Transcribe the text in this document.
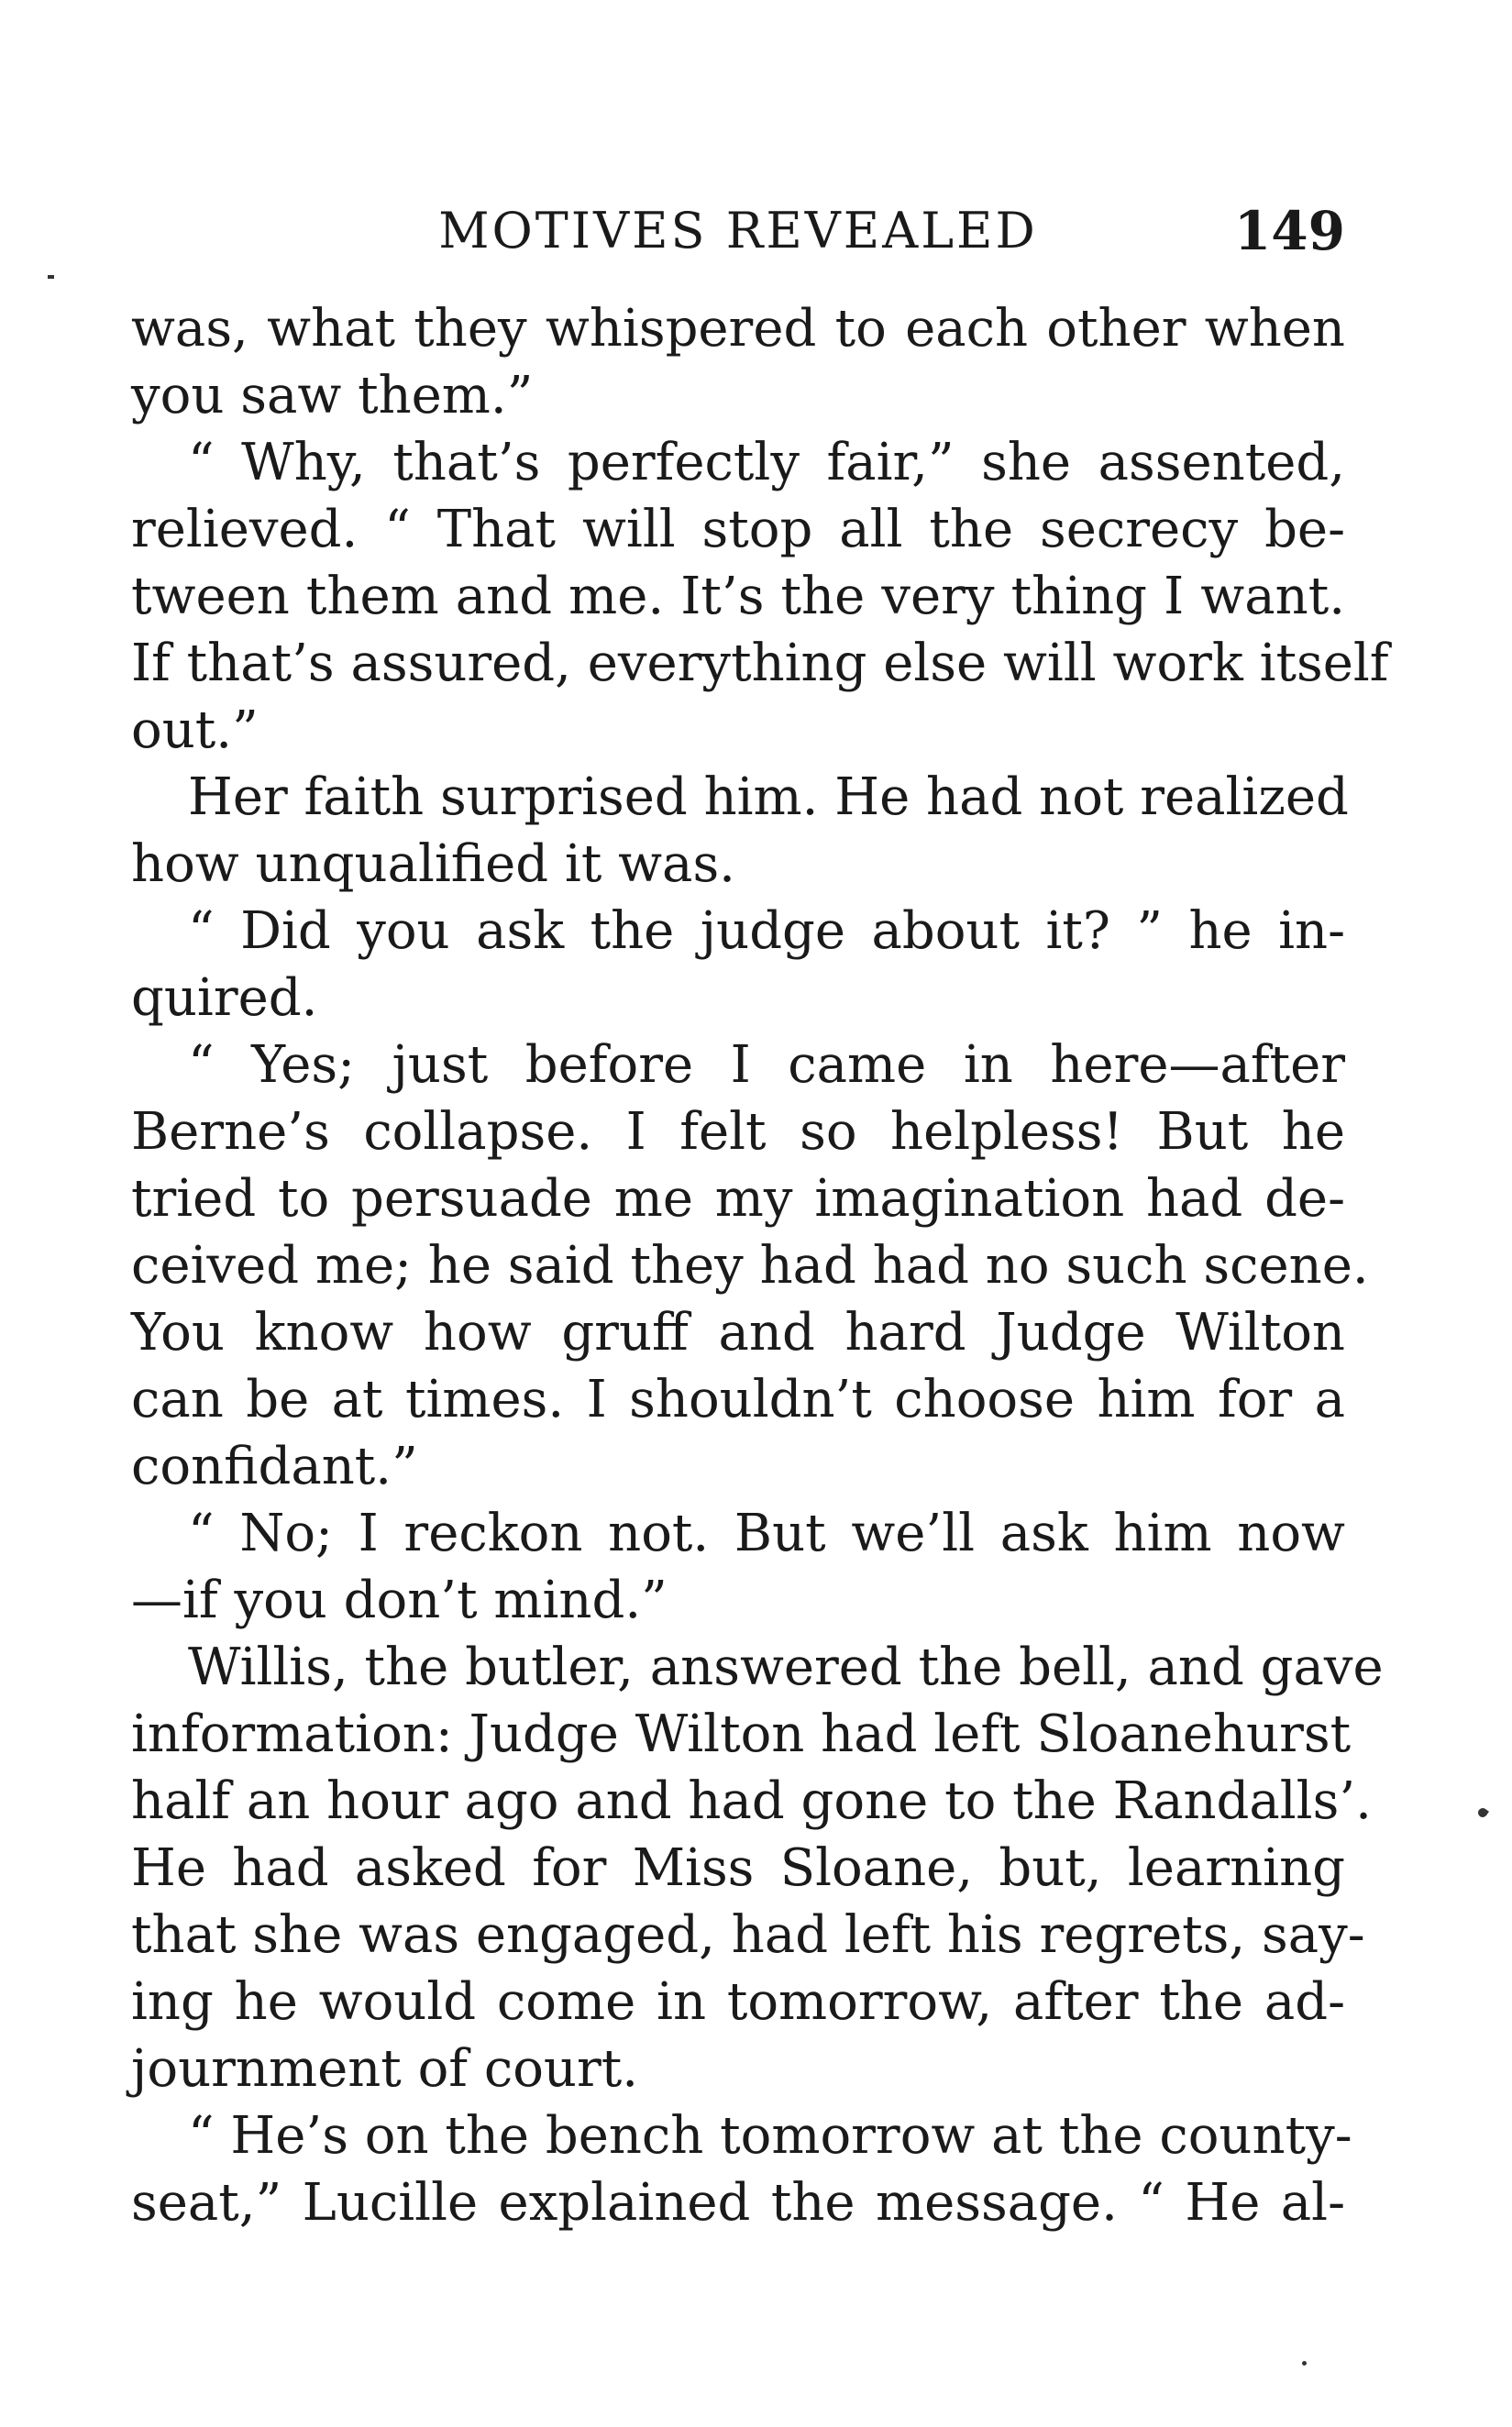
MOTIVES REVEALED	149
was, what they whispered to each other when
you saw them.”
“ Why, that’s perfectly fair,” she assented,
relieved. “ That will stop all the secrecy be-
tween them and me. It’s the very thing I want.
If that’s assured, everything else will work itself
out.”
Her faith surprised him. He had not realized
how unqualified it was.
“ Did you ask the judge about it? ” he in-
quired.
“ Yes; just before I came in here—after
Berne’s collapse. I felt so helpless! But he
tried to persuade me my imagination had de-
ceived me; he said they had had no such scene.
You know how gruff and hard Judge Wilton
can be at times. I shouldn’t choose him for a
confidant.”
“ No; I reckon not. But we’ll ask him now
—if you don’t mind.”
Willis, the butler, answered the bell, and gave
information: Judge Wilton had left Sloanehurst
half an hour ago and had gone to the Randalls’.
He had asked for Miss Sloane, but, learning
that she was engaged, had left his regrets, say-
ing he would come in tomorrow, after the ad-
journment of court.
“ He’s on the bench tomorrow at the county-
seat,” Lucille explained the message. “ He al-
